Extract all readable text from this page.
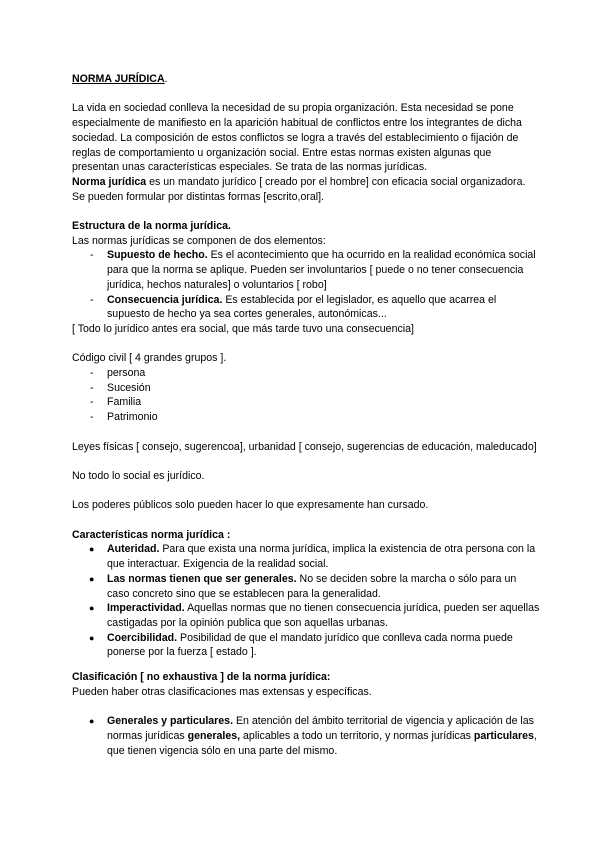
NORMA JURÍDICA.

La vida en sociedad conlleva la necesidad de su propia organización. Esta necesidad se pone especialmente de manifiesto en la aparición habitual de conflictos entre los integrantes de dicha sociedad. La composición de estos conflictos se logra a través del establecimiento o fijación de reglas de comportamiento u organización social. Entre estas normas existen algunas que presentan unas características especiales. Se trata de las normas jurídicas.

Norma jurídica es un mandato jurídico [ creado por el hombre] con eficacia social organizadora. Se pueden formular por distintas formas [escrito,oral].

Estructura de la norma jurídica.

Las normas jurídicas se componen de dos elementos:

- Supuesto de hecho. Es el acontecimiento que ha ocurrido en la realidad económica social para que la norma se aplique. Pueden ser involuntarios [ puede o no tener consecuencia jurídica, hechos naturales] o voluntarios [ robo]
- Consecuencia jurídica. Es establecida por el legislador, es aquello que acarrea el supuesto de hecho ya sea cortes generales, autonómicas...

[ Todo lo jurídico antes era social, que más tarde tuvo una consecuencia]

Código civil [ 4 grandes grupos ].

- persona
- Sucesión
- Familia
- Patrimonio

Leyes físicas [ consejo, sugerencoa], urbanidad [ consejo, sugerencias de educación, maleducado]

No todo lo social es jurídico.

Los poderes públicos solo pueden hacer lo que expresamente han cursado.

Características norma jurídica :

● Auteridad. Para que exista una norma jurídica, implica la existencia de otra persona con la que interactuar. Exigencia de la realidad social.
● Las normas tienen que ser generales. No se deciden sobre la marcha o sólo para un caso concreto sino que se establecen para la generalidad.
● Imperactividad. Aquellas normas que no tienen consecuencia jurídica, pueden ser aquellas castigadas por la opinión publica que son aquellas urbanas.
● Coercibilidad. Posibilidad de que el mandato jurídico que conlleva cada norma puede ponerse por la fuerza [ estado ].

Clasificación [ no exhaustiva ] de la norma jurídica:

Pueden haber otras clasificaciones mas extensas y específicas.

● Generales y particulares. En atención del ámbito territorial de vigencia y aplicación de las normas jurídicas generales, aplicables a todo un territorio, y normas jurídicas particulares, que tienen vigencia sólo en una parte del mismo.
